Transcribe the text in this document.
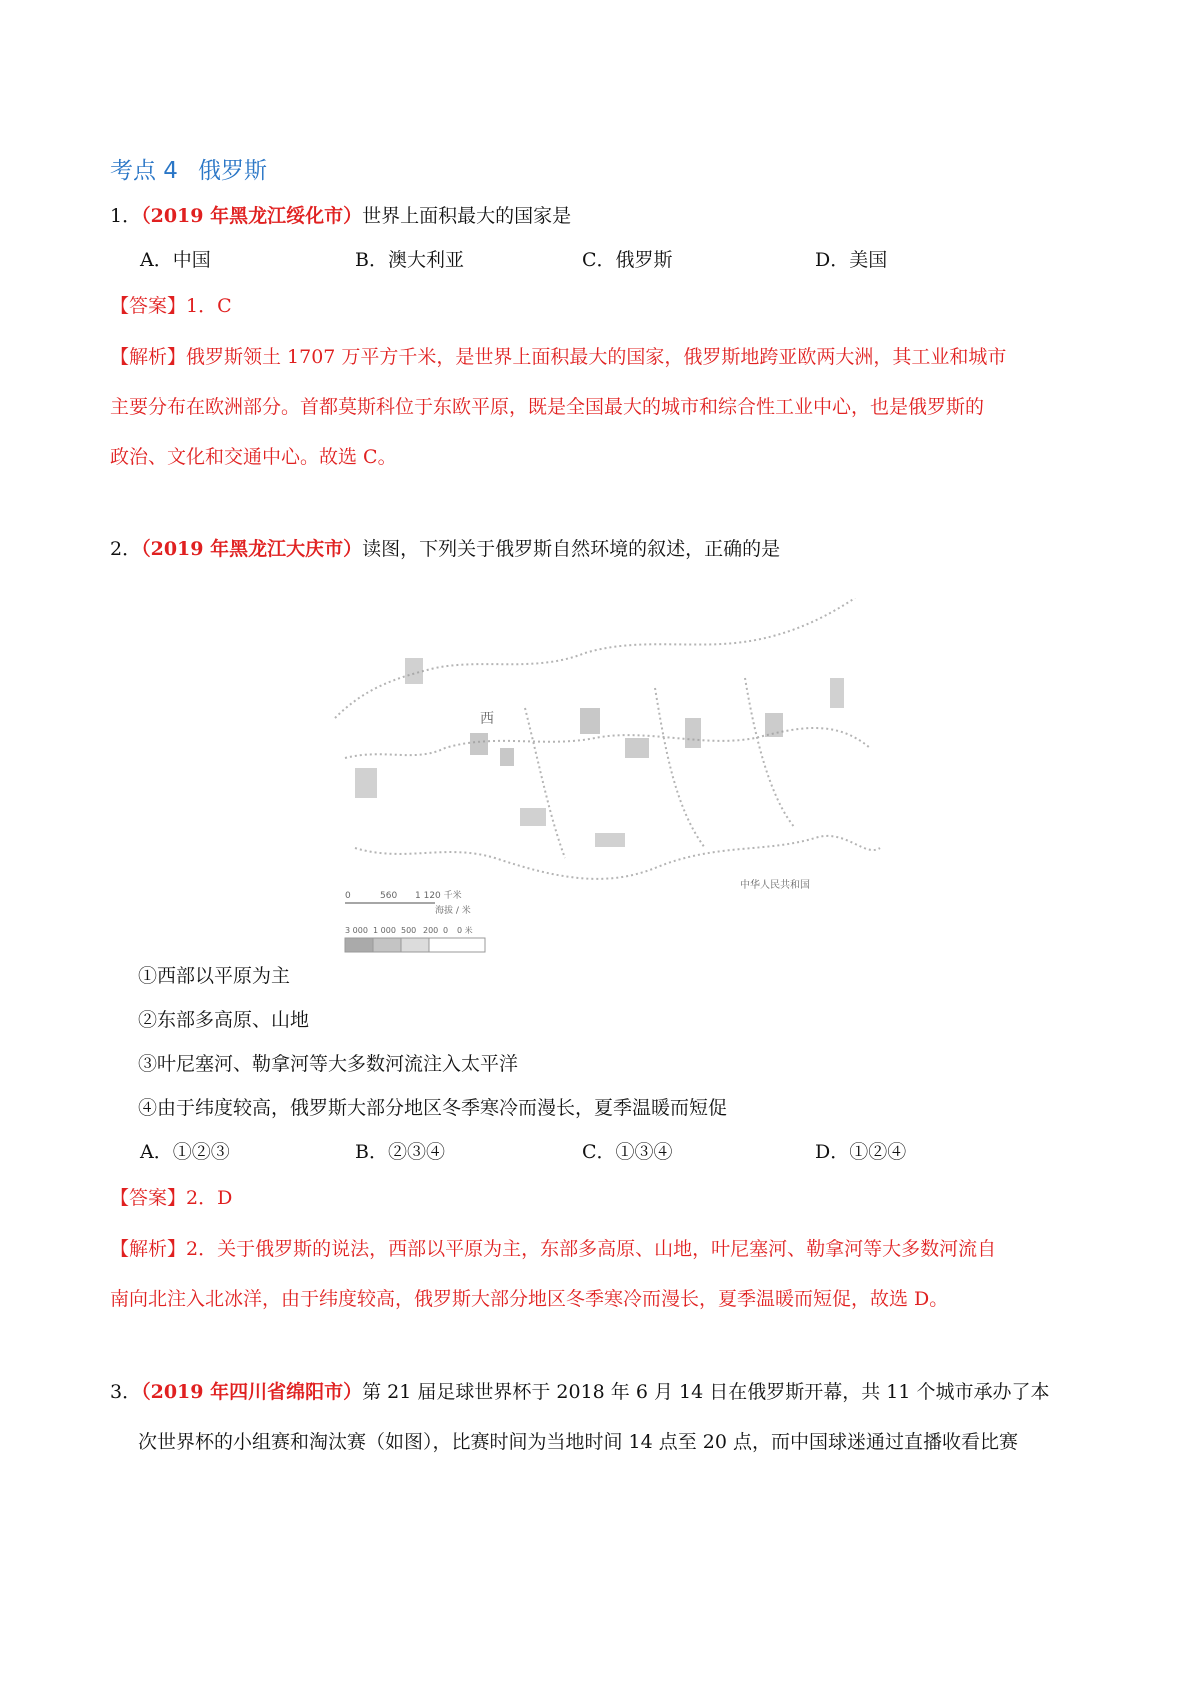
考点 4 俄罗斯
1．（2019 年黑龙江绥化市）世界上面积最大的国家是
A．中国	B．澳大利亚	C．俄罗斯	D．美国
【答案】1．C
【解析】俄罗斯领土 1707 万平方千米，是世界上面积最大的国家，俄罗斯地跨亚欧两大洲，其工业和城市
主要分布在欧洲部分。首都莫斯科位于东欧平原，既是全国最大的城市和综合性工业中心，也是俄罗斯的
政治、文化和交通中心。故选 C。
2．（2019 年黑龙江大庆市）读图，下列关于俄罗斯自然环境的叙述，正确的是
西
中华人民共和国
0	560 1 120 千米
海拔 / 米
3 000 1 000 500 200 0 0 米
①西部以平原为主
②东部多高原、山地
③叶尼塞河、勒拿河等大多数河流注入太平洋
④由于纬度较高，俄罗斯大部分地区冬季寒冷而漫长，夏季温暖而短促
A．①②③	B．②③④	C．①③④	D．①②④
【答案】2．D
【解析】2．关于俄罗斯的说法，西部以平原为主，东部多高原、山地，叶尼塞河、勒拿河等大多数河流自
南向北注入北冰洋，由于纬度较高，俄罗斯大部分地区冬季寒冷而漫长，夏季温暖而短促，故选 D。
3．（2019 年四川省绵阳市）第 21 届足球世界杯于 2018 年 6 月 14 日在俄罗斯开幕，共 11 个城市承办了本
次世界杯的小组赛和淘汰赛（如图），比赛时间为当地时间 14 点至 20 点，而中国球迷通过直播收看比赛
